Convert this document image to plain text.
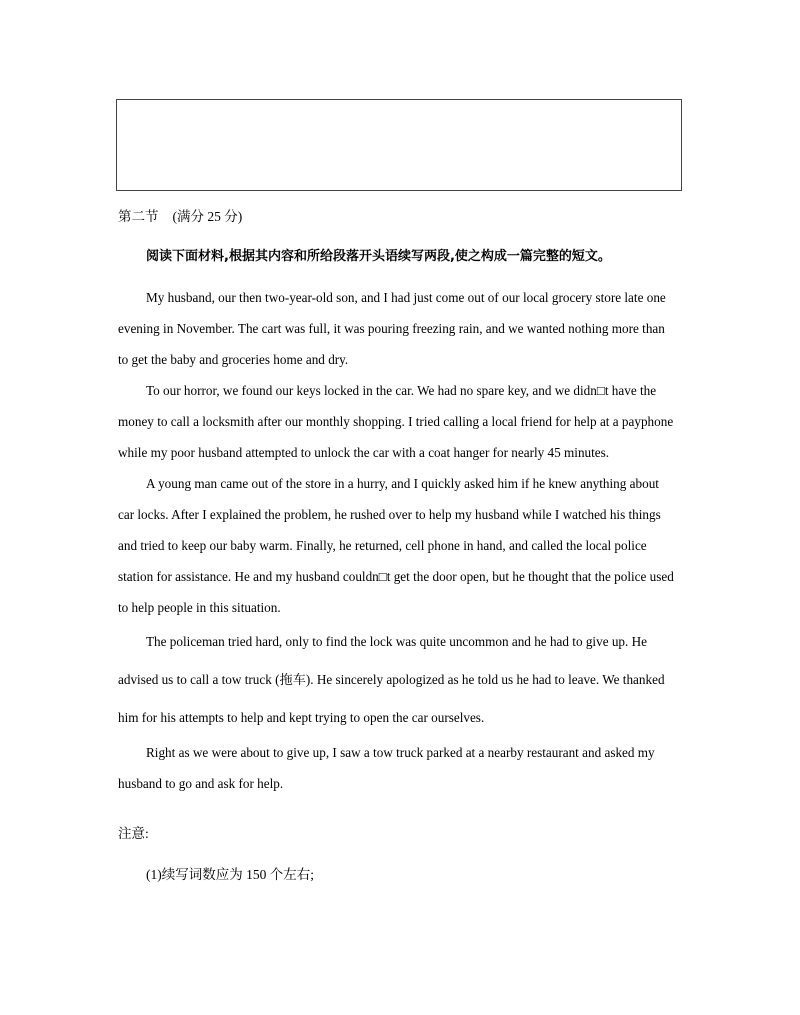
第二节 (满分 25 分)
阅读下面材料,根据其内容和所给段落开头语续写两段,使之构成一篇完整的短文。

My husband, our then two-year-old son, and I had just come out of our local grocery store late one evening in November. The cart was full, it was pouring freezing rain, and we wanted nothing more than to get the baby and groceries home and dry.

To our horror, we found our keys locked in the car. We had no spare key, and we didn□t have the money to call a locksmith after our monthly shopping. I tried calling a local friend for help at a payphone while my poor husband attempted to unlock the car with a coat hanger for nearly 45 minutes.

A young man came out of the store in a hurry, and I quickly asked him if he knew anything about car locks. After I explained the problem, he rushed over to help my husband while I watched his things and tried to keep our baby warm. Finally, he returned, cell phone in hand, and called the local police station for assistance. He and my husband couldn□t get the door open, but he thought that the police used to help people in this situation.

The policeman tried hard, only to find the lock was quite uncommon and he had to give up. He advised us to call a tow truck (拖车). He sincerely apologized as he told us he had to leave. We thanked him for his attempts to help and kept trying to open the car ourselves.

Right as we were about to give up, I saw a tow truck parked at a nearby restaurant and asked my husband to go and ask for help.

注意:
(1)续写词数应为 150 个左右;
